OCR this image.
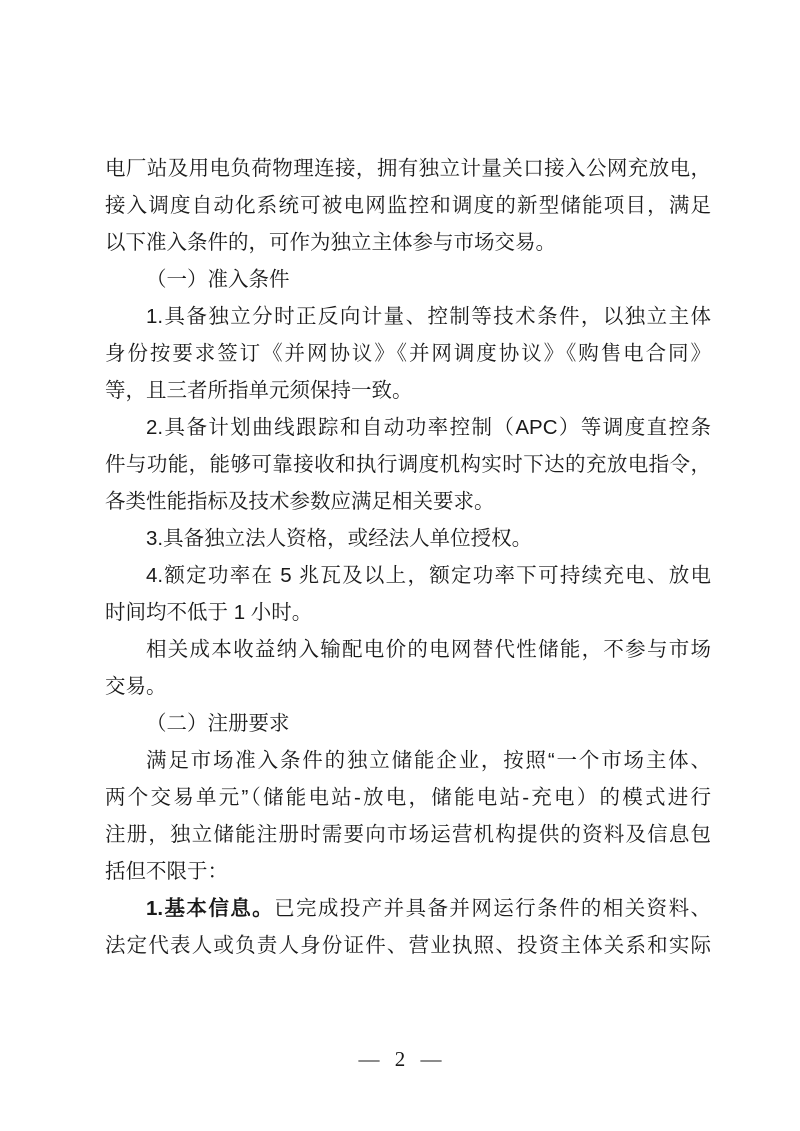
电厂站及用电负荷物理连接，拥有独立计量关口接入公网充放电，
接入调度自动化系统可被电网监控和调度的新型储能项目，满足
以下准入条件的，可作为独立主体参与市场交易。
（一）准入条件
1.具备独立分时正反向计量、控制等技术条件，以独立主体
身份按要求签订《并网协议》《并网调度协议》《购售电合同》
等，且三者所指单元须保持一致。
2.具备计划曲线跟踪和自动功率控制（APC）等调度直控条
件与功能，能够可靠接收和执行调度机构实时下达的充放电指令，
各类性能指标及技术参数应满足相关要求。
3.具备独立法人资格，或经法人单位授权。
4.额定功率在 5 兆瓦及以上，额定功率下可持续充电、放电
时间均不低于 1 小时。
相关成本收益纳入输配电价的电网替代性储能，不参与市场
交易。
（二）注册要求
满足市场准入条件的独立储能企业，按照“一个市场主体、
两个交易单元”（储能电站-放电，储能电站-充电）的模式进行
注册，独立储能注册时需要向市场运营机构提供的资料及信息包
括但不限于：
1.基本信息。已完成投产并具备并网运行条件的相关资料、
法定代表人或负责人身份证件、营业执照、投资主体关系和实际
— 2 —
